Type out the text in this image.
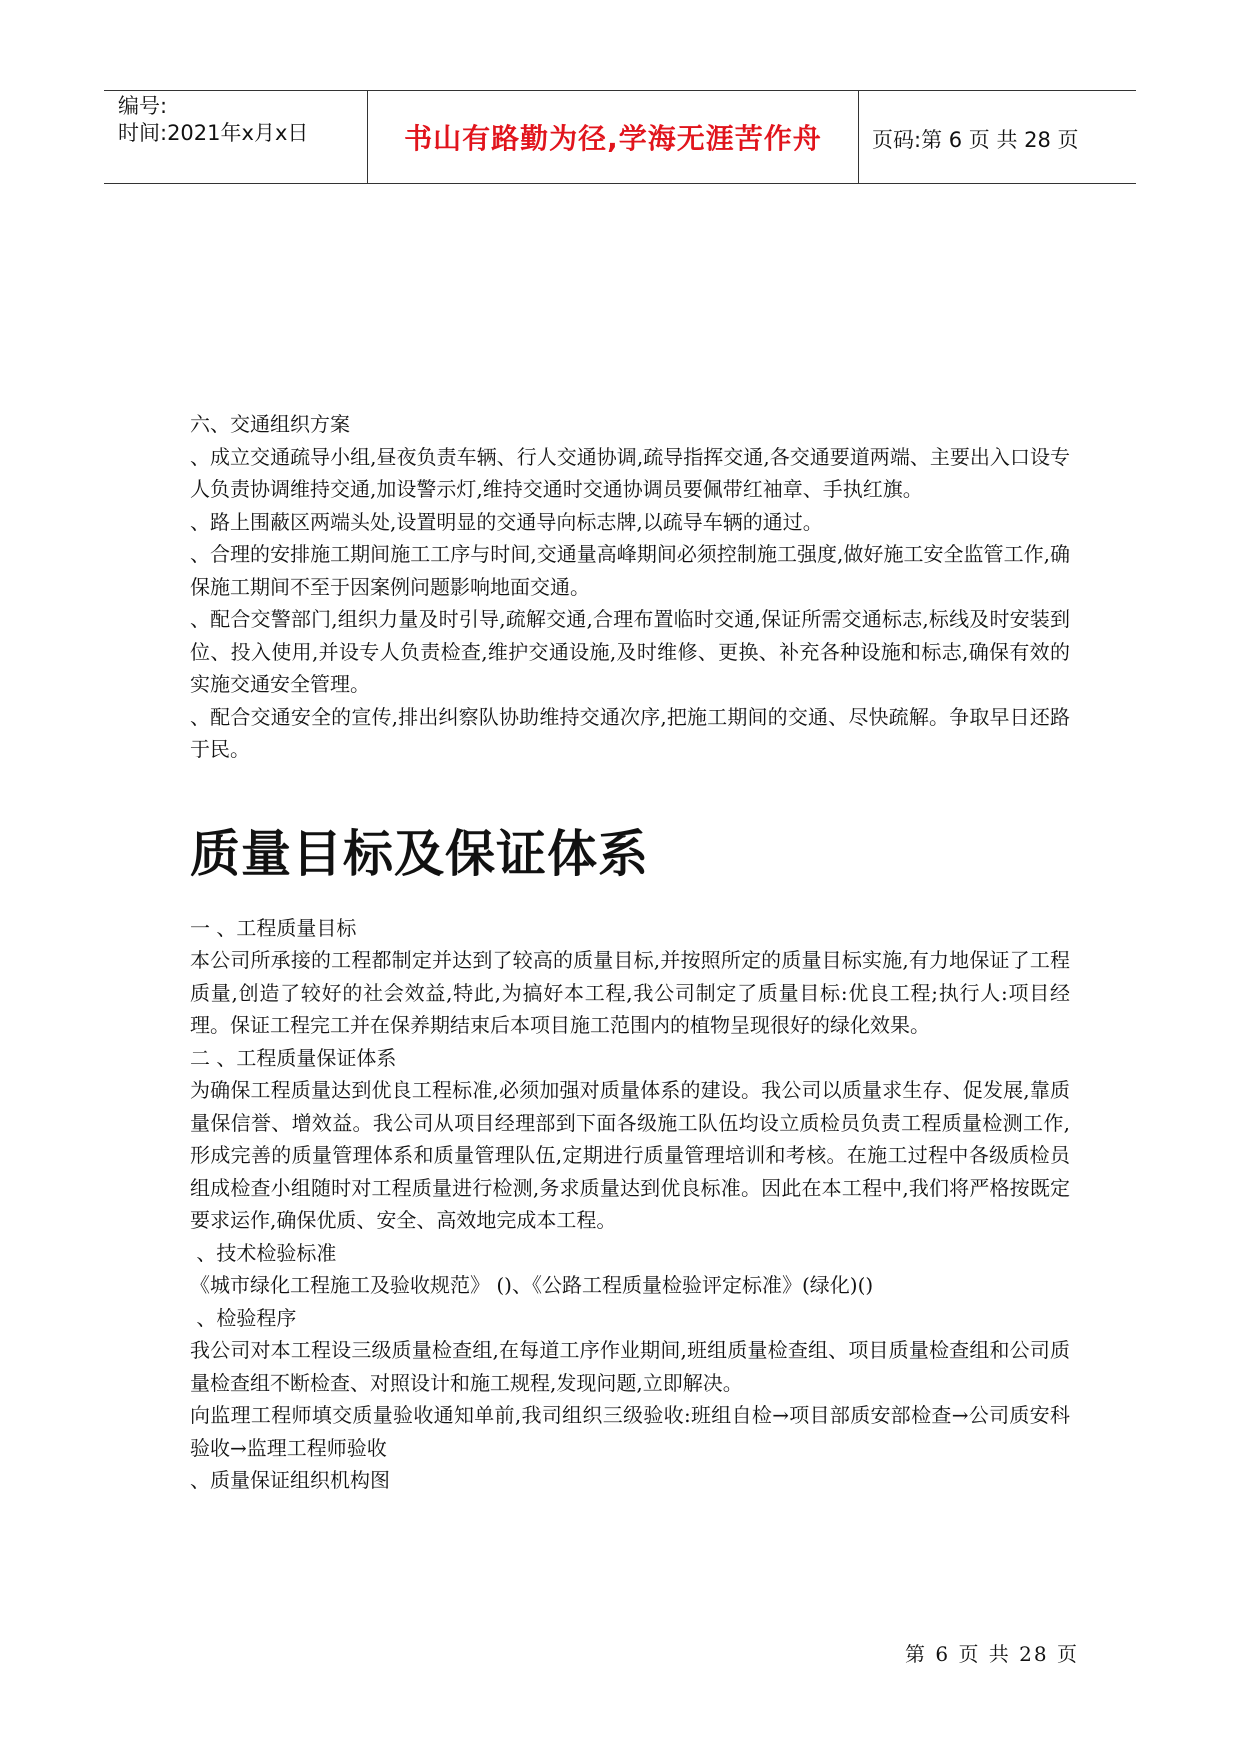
编号:
时间:2021年x月x日	书山有路勤为径,学海无涯苦作舟	页码:第 6 页 共 28 页

六、交通组织方案

、成立交通疏导小组,昼夜负责车辆、行人交通协调,疏导指挥交通,各交通要道两端、主要出入口设专人负责协调维持交通,加设警示灯,维持交通时交通协调员要佩带红袖章、手执红旗。

、路上围蔽区两端头处,设置明显的交通导向标志牌,以疏导车辆的通过。

、合理的安排施工期间施工工序与时间,交通量高峰期间必须控制施工强度,做好施工安全监管工作,确保施工期间不至于因案例问题影响地面交通。

、配合交警部门,组织力量及时引导,疏解交通,合理布置临时交通,保证所需交通标志,标线及时安装到位、投入使用,并设专人负责检查,维护交通设施,及时维修、更换、补充各种设施和标志,确保有效的实施交通安全管理。

、配合交通安全的宣传,排出纠察队协助维持交通次序,把施工期间的交通、尽快疏解。争取早日还路于民。

质量目标及保证体系

一 、工程质量目标

本公司所承接的工程都制定并达到了较高的质量目标,并按照所定的质量目标实施,有力地保证了工程质量,创造了较好的社会效益,特此,为搞好本工程,我公司制定了质量目标:优良工程;执行人:项目经理。保证工程完工并在保养期结束后本项目施工范围内的植物呈现很好的绿化效果。

二 、工程质量保证体系

为确保工程质量达到优良工程标准,必须加强对质量体系的建设。我公司以质量求生存、促发展,靠质量保信誉、增效益。我公司从项目经理部到下面各级施工队伍均设立质检员负责工程质量检测工作,形成完善的质量管理体系和质量管理队伍,定期进行质量管理培训和考核。在施工过程中各级质检员组成检查小组随时对工程质量进行检测,务求质量达到优良标准。因此在本工程中,我们将严格按既定要求运作,确保优质、安全、高效地完成本工程。

、技术检验标准

《城市绿化工程施工及验收规范》 ()、《公路工程质量检验评定标准》(绿化)()

、检验程序

我公司对本工程设三级质量检查组,在每道工序作业期间,班组质量检查组、项目质量检查组和公司质量检查组不断检查、对照设计和施工规程,发现问题,立即解决。

向监理工程师填交质量验收通知单前,我司组织三级验收:班组自检→项目部质安部检查→公司质安科验收→监理工程师验收

、质量保证组织机构图

第 6 页 共 28 页
